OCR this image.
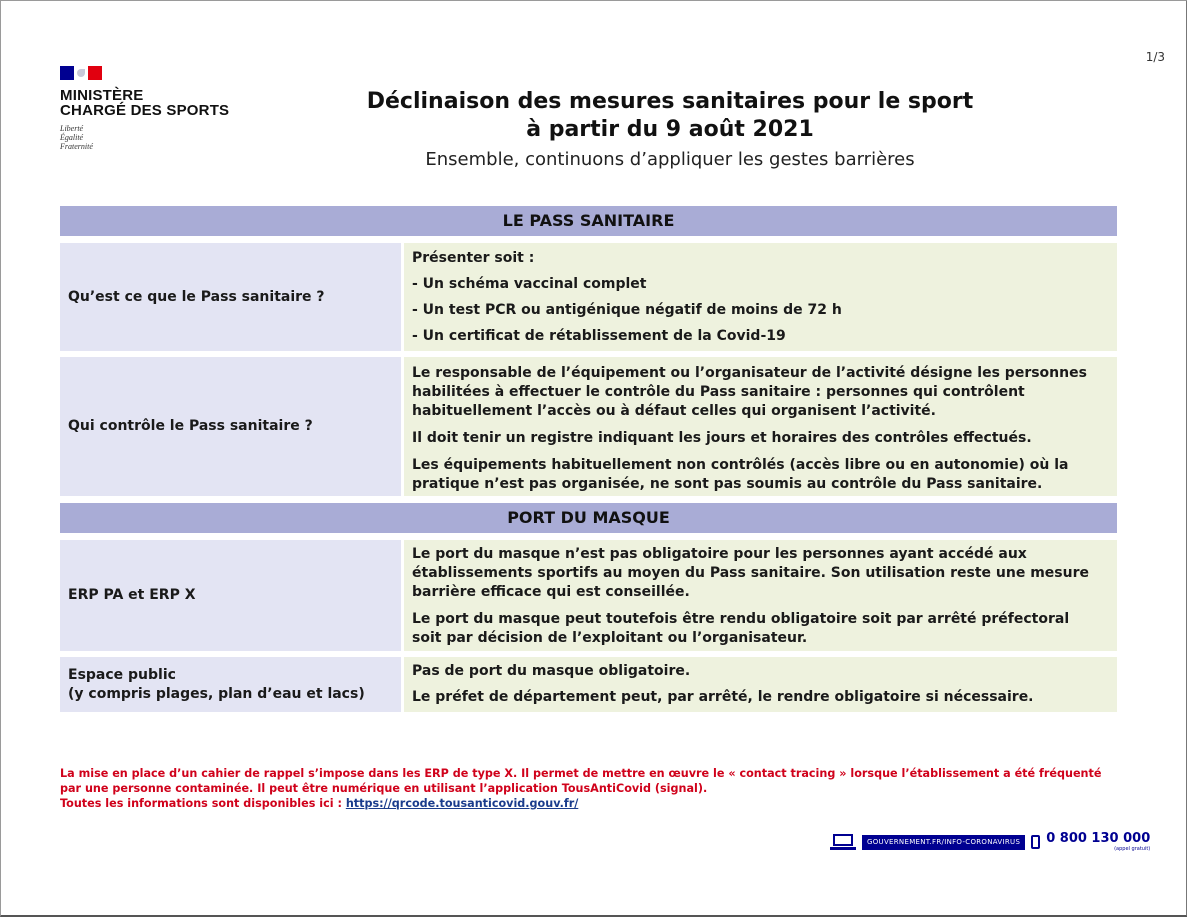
1/3
MINISTÈRE
CHARGÉ DES SPORTS
Liberté
Égalité
Fraternité
Déclinaison des mesures sanitaires pour le sport
à partir du 9 août 2021
Ensemble, continuons d’appliquer les gestes barrières
LE PASS SANITAIRE
Qu’est ce que le Pass sanitaire ?

Présenter soit :

- Un schéma vaccinal complet

- Un test PCR ou antigénique négatif de moins de 72 h

- Un certificat de rétablissement de la Covid-19

Qui contrôle le Pass sanitaire ?

Le responsable de l’équipement ou l’organisateur de l’activité désigne les personnes habilitées à effectuer le contrôle du Pass sanitaire : personnes qui contrôlent habituellement l’accès ou à défaut celles qui organisent l’activité.

Il doit tenir un registre indiquant les jours et horaires des contrôles effectués.

Les équipements habituellement non contrôlés (accès libre ou en autonomie) où la pratique n’est pas organisée, ne sont pas soumis au contrôle du Pass sanitaire.

PORT DU MASQUE
ERP PA et ERP X

Le port du masque n’est pas obligatoire pour les personnes ayant accédé aux établissements sportifs au moyen du Pass sanitaire. Son utilisation reste une mesure barrière efficace qui est conseillée.

Le port du masque peut toutefois être rendu obligatoire soit par arrêté préfectoral
soit par décision de l’exploitant ou l’organisateur.

Espace public
(y compris plages, plan d’eau et lacs)

Pas de port du masque obligatoire.

Le préfet de département peut, par arrêté, le rendre obligatoire si nécessaire.

La mise en place d’un cahier de rappel s’impose dans les ERP de type X. Il permet de mettre en œuvre le « contact tracing » lorsque l’établissement a été fréquenté par une personne contaminée. Il peut être numérique en utilisant l’application TousAntiCovid (signal).
Toutes les informations sont disponibles ici : https://qrcode.tousanticovid.gouv.fr/
GOUVERNEMENT.FR/INFO-CORONAVIRUS	0 800 130 000
(appel gratuit)
